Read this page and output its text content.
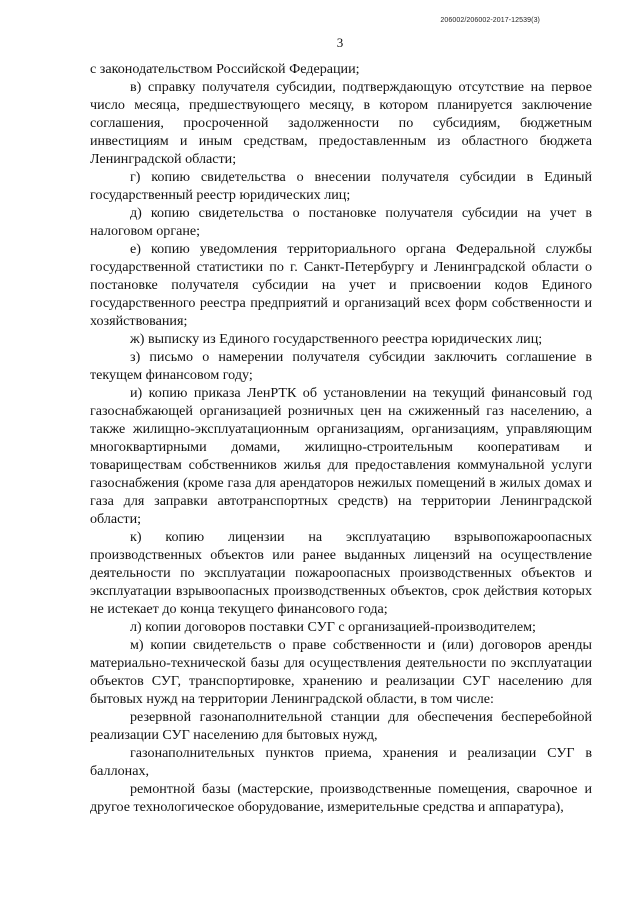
206002/206002-2017-12539(3)
3

с законодательством Российской Федерации;

в) справку получателя субсидии, подтверждающую отсутствие на первое число месяца, предшествующего месяцу, в котором планируется заключение соглашения, просроченной задолженности по субсидиям, бюджетным инвестициям и иным средствам, предоставленным из областного бюджета Ленинградской области;

г) копию свидетельства о внесении получателя субсидии в Единый государственный реестр юридических лиц;

д) копию свидетельства о постановке получателя субсидии на учет в налоговом органе;

е) копию уведомления территориального органа Федеральной службы государственной статистики по г. Санкт-Петербургу и Ленинградской области о постановке получателя субсидии на учет и присвоении кодов Единого государственного реестра предприятий и организаций всех форм собственности и хозяйствования;

ж) выписку из Единого государственного реестра юридических лиц;

з) письмо о намерении получателя субсидии заключить соглашение в текущем финансовом году;

и) копию приказа ЛенРТК об установлении на текущий финансовый год газоснабжающей организацией розничных цен на сжиженный газ населению, а также жилищно-эксплуатационным организациям, организациям, управляющим многоквартирными домами, жилищно-строительным кооперативам и товариществам собственников жилья для предоставления коммунальной услуги газоснабжения (кроме газа для арендаторов нежилых помещений в жилых домах и газа для заправки автотранспортных средств) на территории Ленинградской области;

к) копию лицензии на эксплуатацию взрывопожароопасных производственных объектов или ранее выданных лицензий на осуществление деятельности по эксплуатации пожароопасных производственных объектов и эксплуатации взрывоопасных производственных объектов, срок действия которых не истекает до конца текущего финансового года;

л) копии договоров поставки СУГ с организацией-производителем;

м) копии свидетельств о праве собственности и (или) договоров аренды материально-технической базы для осуществления деятельности по эксплуатации объектов СУГ, транспортировке, хранению и реализации СУГ населению для бытовых нужд на территории Ленинградской области, в том числе:

резервной газонаполнительной станции для обеспечения бесперебойной реализации СУГ населению для бытовых нужд,

газонаполнительных пунктов приема, хранения и реализации СУГ в баллонах,

ремонтной базы (мастерские, производственные помещения, сварочное и другое технологическое оборудование, измерительные средства и аппаратура),
